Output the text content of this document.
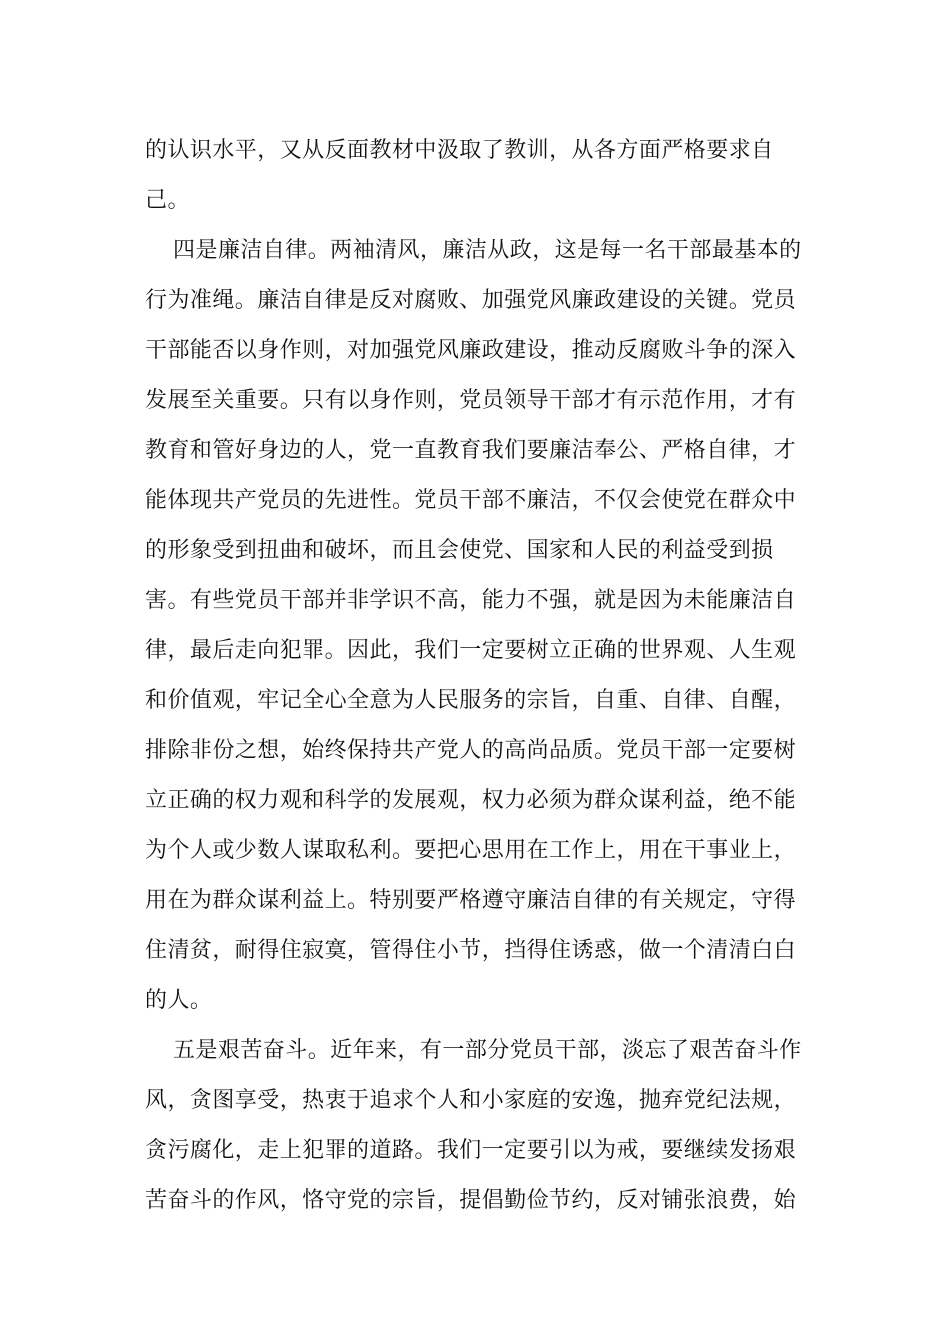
的认识水平，又从反面教材中汲取了教训，从各方面严格要求自
己。
四是廉洁自律。两袖清风，廉洁从政，这是每一名干部最基本的
行为准绳。廉洁自律是反对腐败、加强党风廉政建设的关键。党员
干部能否以身作则，对加强党风廉政建设，推动反腐败斗争的深入
发展至关重要。只有以身作则，党员领导干部才有示范作用，才有
教育和管好身边的人，党一直教育我们要廉洁奉公、严格自律，才
能体现共产党员的先进性。党员干部不廉洁，不仅会使党在群众中
的形象受到扭曲和破坏，而且会使党、国家和人民的利益受到损
害。有些党员干部并非学识不高，能力不强，就是因为未能廉洁自
律，最后走向犯罪。因此，我们一定要树立正确的世界观、人生观
和价值观，牢记全心全意为人民服务的宗旨，自重、自律、自醒，
排除非份之想，始终保持共产党人的高尚品质。党员干部一定要树
立正确的权力观和科学的发展观，权力必须为群众谋利益，绝不能
为个人或少数人谋取私利。要把心思用在工作上，用在干事业上，
用在为群众谋利益上。特别要严格遵守廉洁自律的有关规定，守得
住清贫，耐得住寂寞，管得住小节，挡得住诱惑，做一个清清白白
的人。
五是艰苦奋斗。近年来，有一部分党员干部，淡忘了艰苦奋斗作
风，贪图享受，热衷于追求个人和小家庭的安逸，抛弃党纪法规，
贪污腐化，走上犯罪的道路。我们一定要引以为戒，要继续发扬艰
苦奋斗的作风，恪守党的宗旨，提倡勤俭节约，反对铺张浪费，始
